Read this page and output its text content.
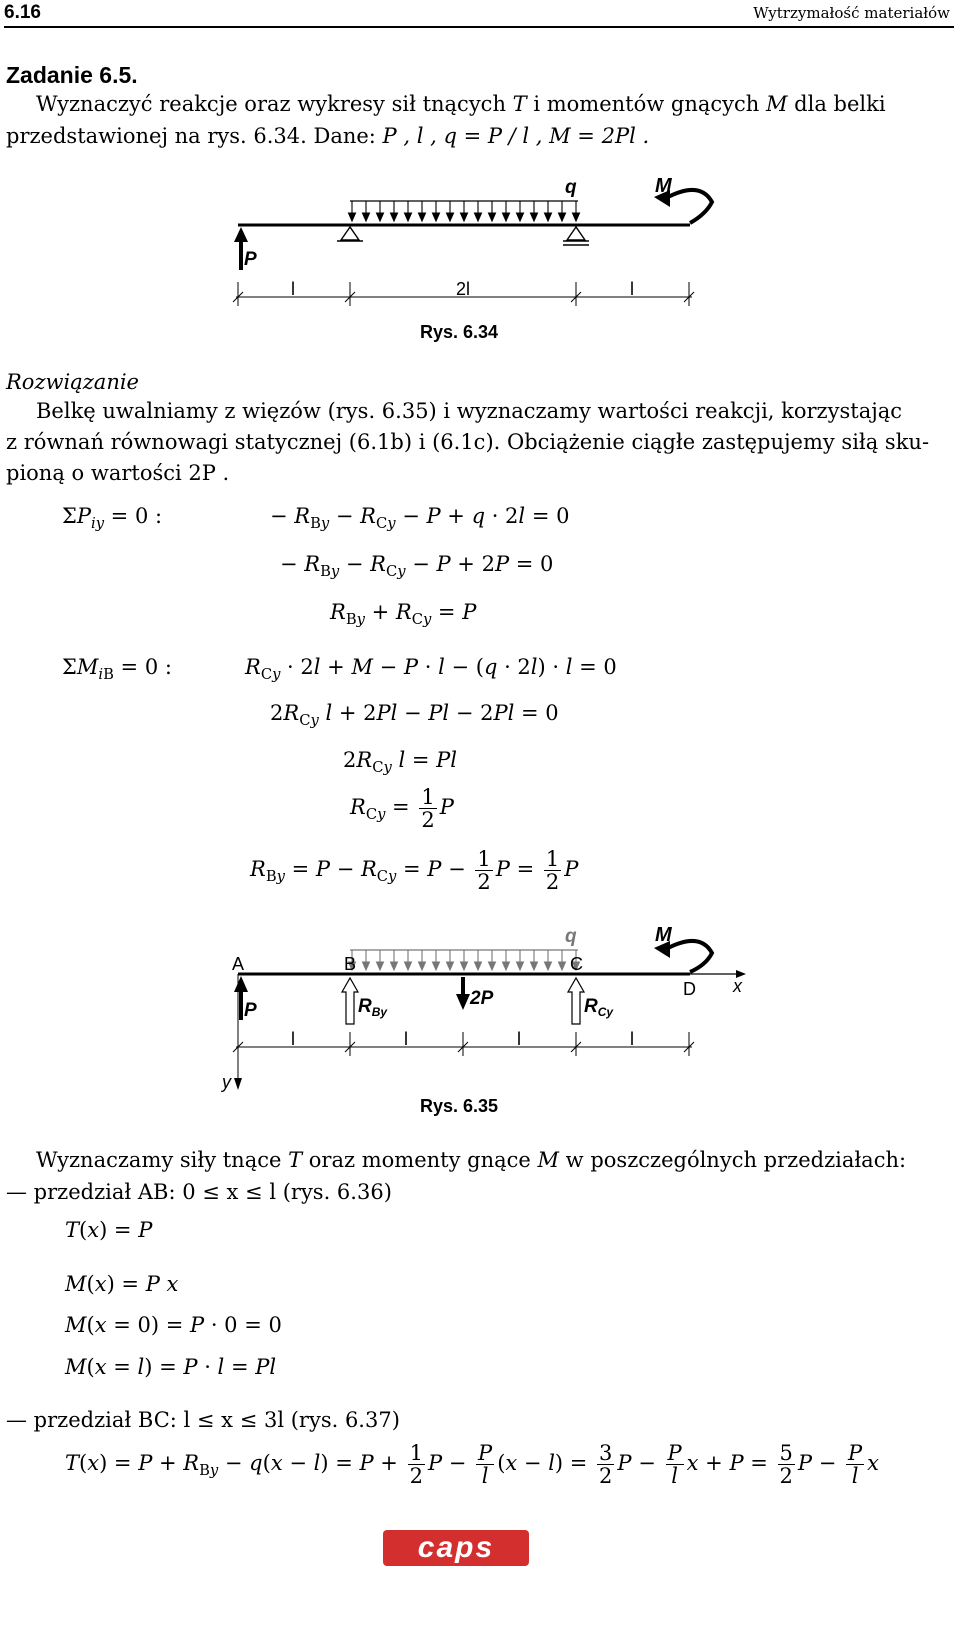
6.16	Wytrzymałość materiałów
Zadanie 6.5.
Wyznaczyć reakcje oraz wykresy sił tnących T i momentów gnących M dla belki
przedstawionej na rys. 6.34. Dane: P , l , q = P / l , M = 2Pl .
q	M
P
l	2l	l
Rys. 6.34
Rozwiązanie
Belkę uwalniamy z więzów (rys. 6.35) i wyznaczamy wartości reakcji, korzystając
z równań równowagi statycznej (6.1b) i (6.1c). Obciążenie ciągłe zastępujemy siłą sku-
pioną o wartości 2P .
$\Sigma P_{iy} = 0$ :	− $R_{By} - R_{Cy} - P + q \cdot 2l = 0$
− $R_{By} - R_{Cy} - P + 2P = 0$
$R_{By} + R_{Cy} = P$
$\Sigma M_{iB} = 0$ :	$R_{Cy} \cdot 2l + M - P \cdot l - (q \cdot 2l) \cdot l = 0$
$2R_{Cy}$ l + 2Pl − Pl − 2Pl = 0
$2R_{Cy}$ l = Pl
$R_{Cy} = \frac{1}{2}$ P
$R_{By} = P - R_{Cy} = P - \frac{1}{2}$ $P = \frac{1}{2}$ P
A	B	C
D x
y
q	M
P	$R_{By}$
2P	$R_{Cy}$
l	l	l	l
Rys. 6.35
Wyznaczamy siły tnące T oraz momenty gnące M w poszczególnych przedziałach:
— przedział AB: 0 ≤ x ≤ l (rys. 6.36)
T(x) = P
M(x) = P x
M(x = 0) = P · 0 = 0
M(x = l) = P · l = Pl
— przedział BC: l ≤ x ≤ 3l (rys. 6.37)
$T(x) = P + R_{By} - q(x - l) = P + \frac{1}{2}$ $P - \frac{P}{l} (x - l) = \frac{3}{2}$ $P - \frac{P}{l}$ $x + P = \frac{5}{2}$ $P - \frac{P}{l}$ x
caps
